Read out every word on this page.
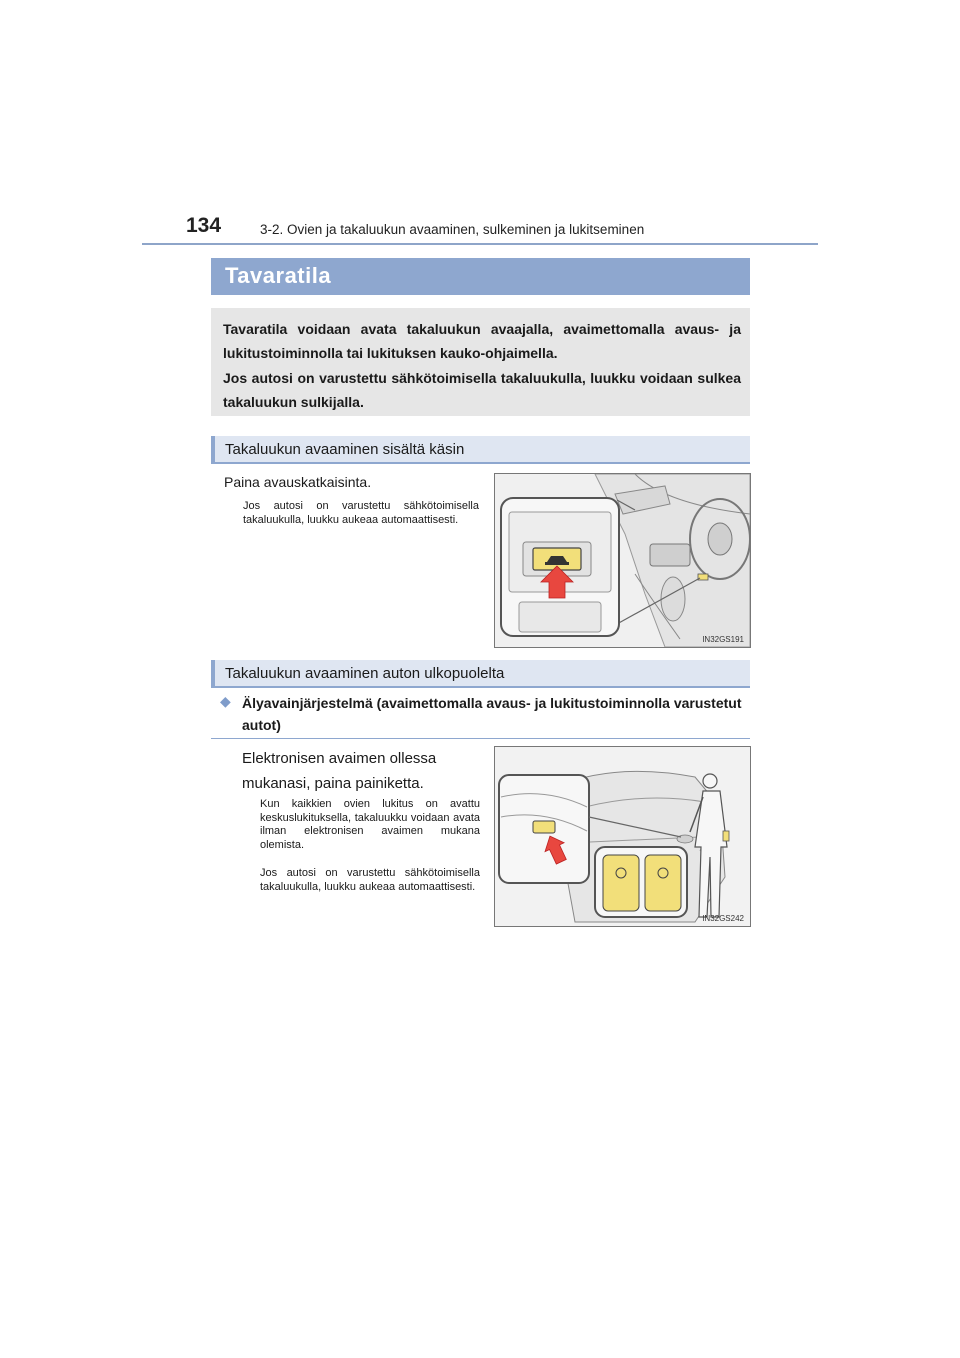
134	3-2. Ovien ja takaluukun avaaminen, sulkeminen ja lukitseminen
Tavaratila
Tavaratila voidaan avata takaluukun avaajalla, avaimettomalla avaus- ja lukitustoiminnolla tai lukituksen kauko-ohjaimella.
Jos autosi on varustettu sähkötoimisella takaluukulla, luukku voidaan sulkea takaluukun sulkijalla.
Takaluukun avaaminen sisältä käsin
Paina avauskatkaisinta.
Jos autosi on varustettu sähkötoimisella takaluukulla, luukku aukeaa automaattisesti.
IN32GS191
Takaluukun avaaminen auton ulkopuolelta
◆ Älyavainjärjestelmä (avaimettomalla avaus- ja lukitustoiminnolla varustetut autot)
Elektronisen avaimen ollessa mukanasi, paina painiketta.
Kun kaikkien ovien lukitus on avattu keskuslukituksella, takaluukku voidaan avata ilman elektronisen avaimen mukana olemista.
Jos autosi on varustettu sähkötoimisella takaluukulla, luukku aukeaa automaattisesti.
IN32GS242
